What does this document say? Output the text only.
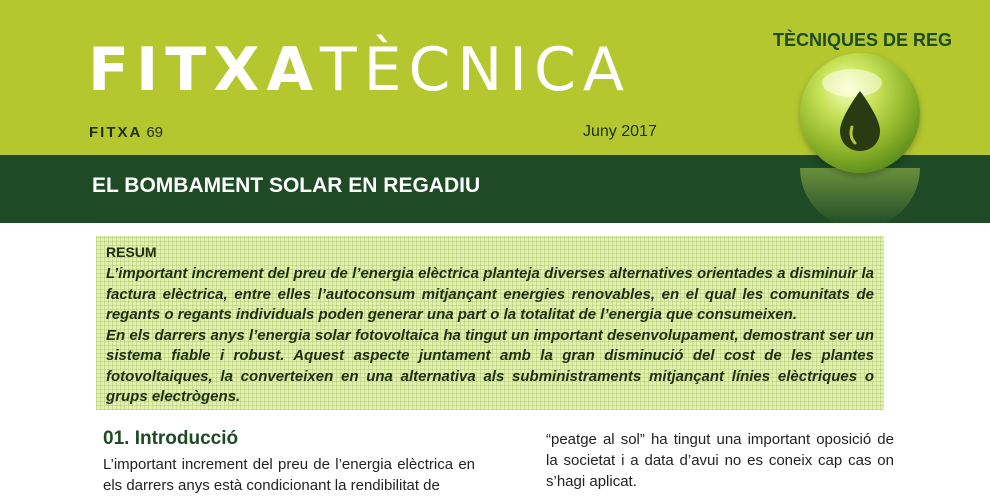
FITXATÈCNICA
FITXA 69	Juny 2017
TÈCNIQUES DE REG
EL BOMBAMENT SOLAR EN REGADIU

RESUM

L’important increment del preu de l’energia elèctrica planteja diverses alternatives orientades a disminuir la factura elèctrica, entre elles l’autoconsum mitjançant energies renovables, en el qual les comunitats de regants o regants individuals poden generar una part o la totalitat de l’energia que consumeixen.

En els darrers anys l’energia solar fotovoltaica ha tingut un important desenvolupament, demostrant ser un sistema fiable i robust. Aquest aspecte juntament amb la gran disminució del cost de les plantes fotovoltaiques, la converteixen en una alternativa als subministraments mitjançant línies elèctriques o grups electrògens.

01. Introducció

L’important increment del preu de l’energia elèctrica en els darrers anys està condicionant la rendibilitat de

“peatge al sol” ha tingut una important oposició de la societat i a data d’avui no es coneix cap cas on s’hagi aplicat.
